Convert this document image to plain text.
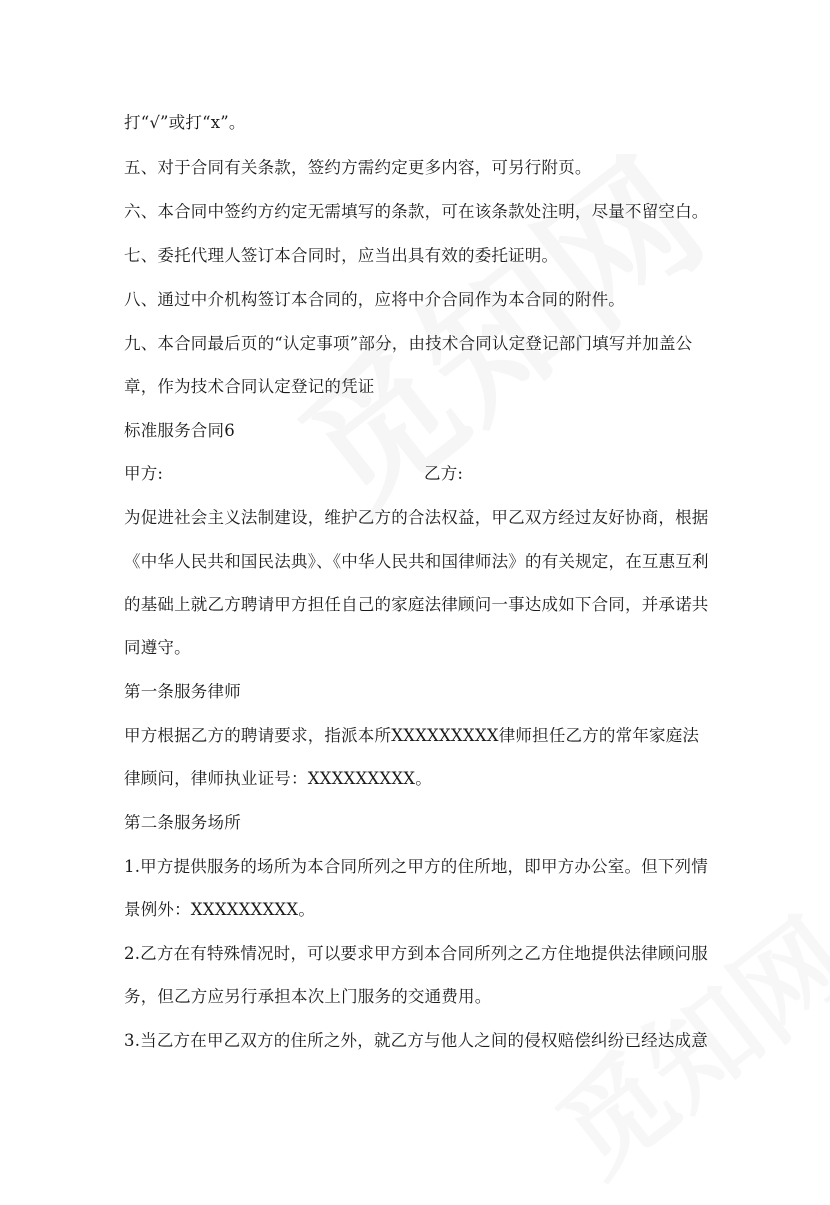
打“√”或打“x”。
五、对于合同有关条款，签约方需约定更多内容，可另行附页。
六、本合同中签约方约定无需填写的条款，可在该条款处注明，尽量不留空白。
七、委托代理人签订本合同时，应当出具有效的委托证明。
八、通过中介机构签订本合同的，应将中介合同作为本合同的附件。
九、本合同最后页的“认定事项”部分，由技术合同认定登记部门填写并加盖公
章，作为技术合同认定登记的凭证
标准服务合同6
甲方:	乙方:
为促进社会主义法制建设，维护乙方的合法权益，甲乙双方经过友好协商，根据
《中华人民共和国民法典》、《中华人民共和国律师法》的有关规定，在互惠互利
的基础上就乙方聘请甲方担任自己的家庭法律顾问一事达成如下合同，并承诺共
同遵守。
第一条服务律师
甲方根据乙方的聘请要求，指派本所XXXXXXXXX律师担任乙方的常年家庭法
律顾问，律师执业证号：XXXXXXXXX。
第二条服务场所
1.甲方提供服务的场所为本合同所列之甲方的住所地，即甲方办公室。但下列情
景例外：XXXXXXXXX。
2.乙方在有特殊情况时，可以要求甲方到本合同所列之乙方住地提供法律顾问服
务，但乙方应另行承担本次上门服务的交通费用。
3.当乙方在甲乙双方的住所之外，就乙方与他人之间的侵权赔偿纠纷已经达成意
